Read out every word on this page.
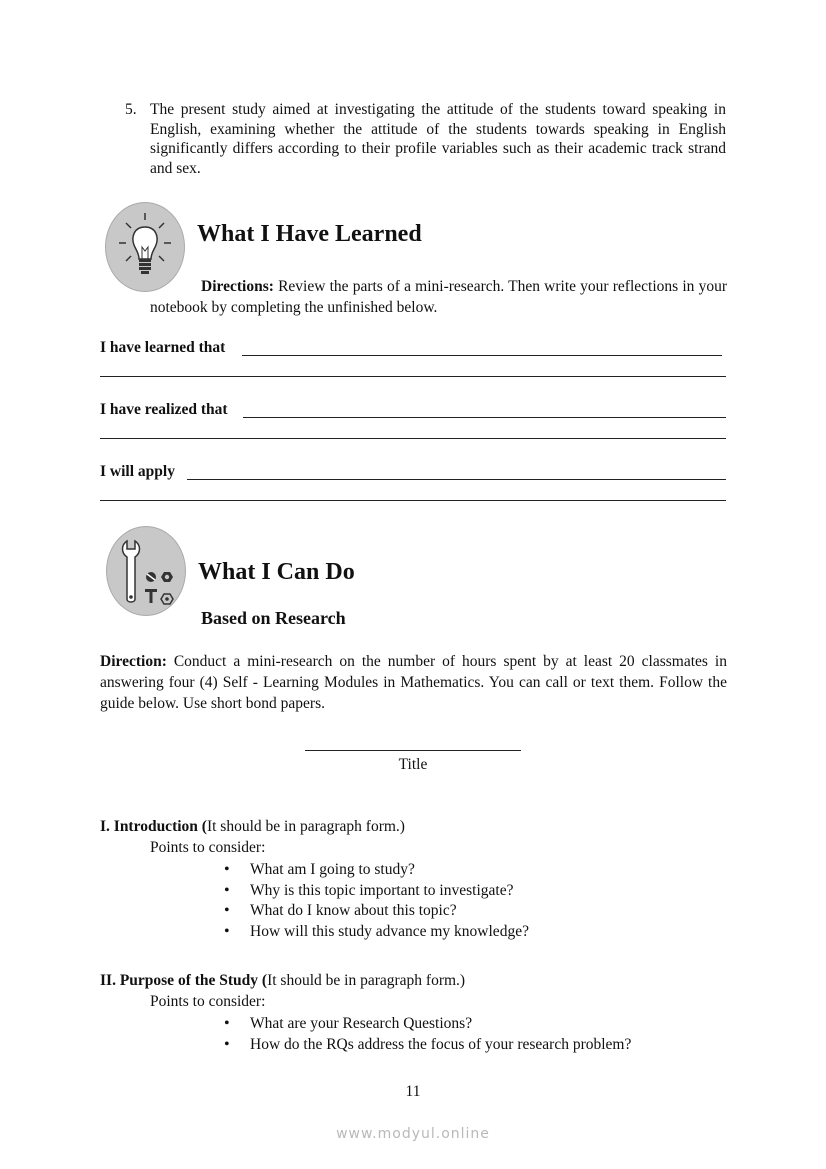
5. The present study aimed at investigating the attitude of the students toward speaking in English, examining whether the attitude of the students towards speaking in English significantly differs according to their profile variables such as their academic track strand and sex.
What I Have Learned
Directions: Review the parts of a mini-research. Then write your reflections in your notebook by completing the unfinished below.
I have learned that
I have realized that
I will apply
What I Can Do
Based on Research
Direction: Conduct a mini-research on the number of hours spent by at least 20 classmates in answering four (4) Self - Learning Modules in Mathematics. You can call or text them. Follow the guide below. Use short bond papers.
Title
I. Introduction (It should be in paragraph form.)
Points to consider:
• What am I going to study?
• Why is this topic important to investigate?
• What do I know about this topic?
• How will this study advance my knowledge?
II. Purpose of the Study (It should be in paragraph form.)
Points to consider:
• What are your Research Questions?
• How do the RQs address the focus of your research problem?
11
www.modyul.online
